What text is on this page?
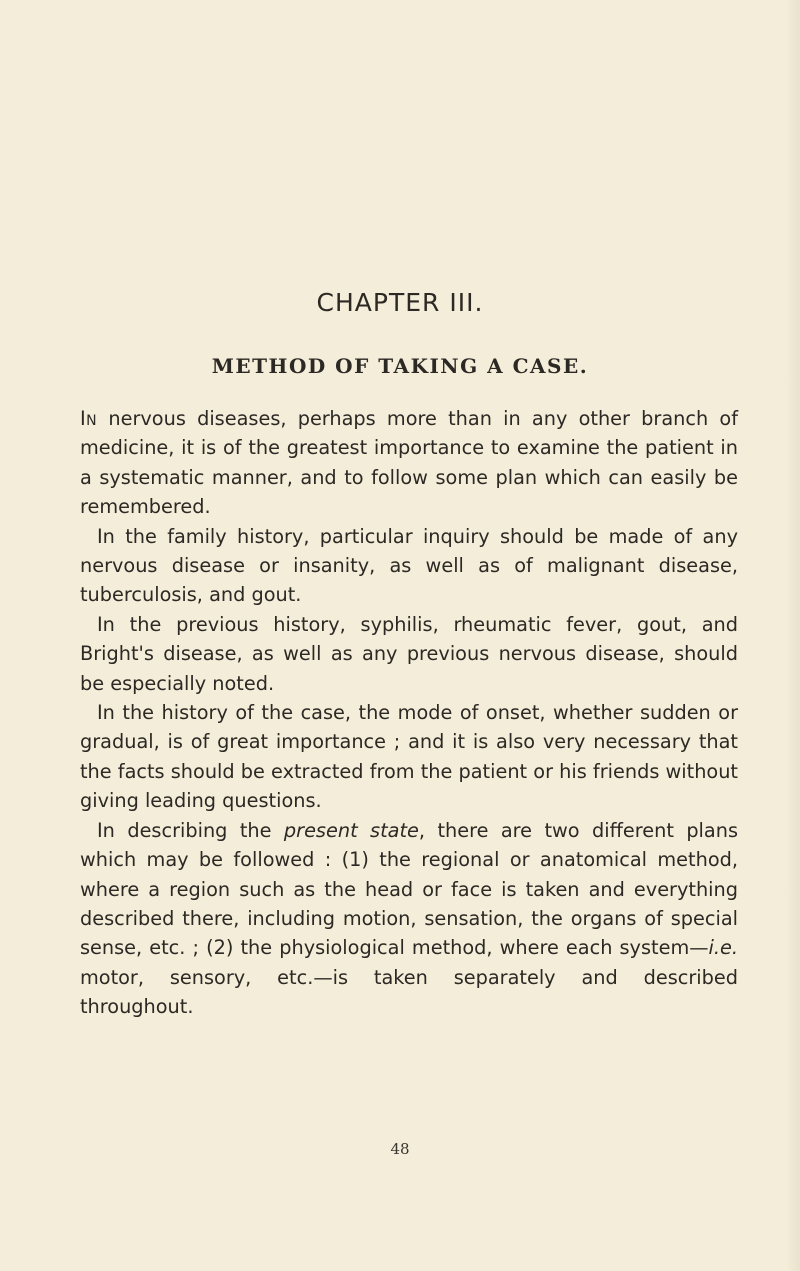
CHAPTER III.
METHOD OF TAKING A CASE.

In nervous diseases, perhaps more than in any other branch of medicine, it is of the greatest importance to examine the patient in a systematic manner, and to follow some plan which can easily be remembered.

In the family history, particular inquiry should be made of any nervous disease or insanity, as well as of malignant disease, tuberculosis, and gout.

In the previous history, syphilis, rheumatic fever, gout, and Bright's disease, as well as any previous nervous disease, should be especially noted.

In the history of the case, the mode of onset, whether sudden or gradual, is of great importance ; and it is also very necessary that the facts should be extracted from the patient or his friends without giving leading questions.

In describing the present state, there are two different plans which may be followed : (1) the regional or anatomical method, where a region such as the head or face is taken and everything described there, including motion, sensation, the organs of special sense, etc. ; (2) the physiological method, where each system—i.e. motor, sensory, etc.—is taken separately and described throughout.

48
